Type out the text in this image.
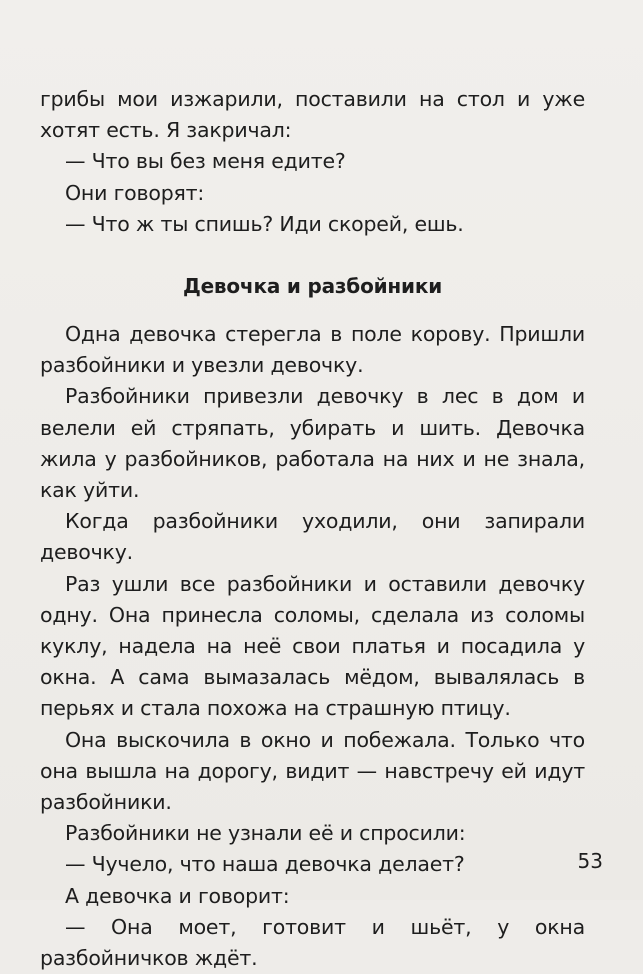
грибы мои изжарили, поставили на стол и уже хотят есть. Я закричал:

— Что вы без меня едите?

Они говорят:

— Что ж ты спишь? Иди скорей, ешь.

Девочка и разбойники

Одна девочка стерегла в поле корову. Пришли разбойники и увезли девочку.

Разбойники привезли девочку в лес в дом и велели ей стряпать, убирать и шить. Девочка жила у разбойников, работала на них и не знала, как уйти.

Когда разбойники уходили, они запирали девочку.

Раз ушли все разбойники и оставили девочку одну. Она принесла соломы, сделала из соломы куклу, надела на неё свои платья и посадила у окна. А сама вымазалась мёдом, вывалялась в перьях и стала похожа на страшную птицу.

Она выскочила в окно и побежала. Только что она вышла на дорогу, видит — навстречу ей идут разбойники.

Разбойники не узнали её и спросили:

— Чучело, что наша девочка делает?

А девочка и говорит:

— Она моет, готовит и шьёт, у окна разбойничков ждёт.

53
